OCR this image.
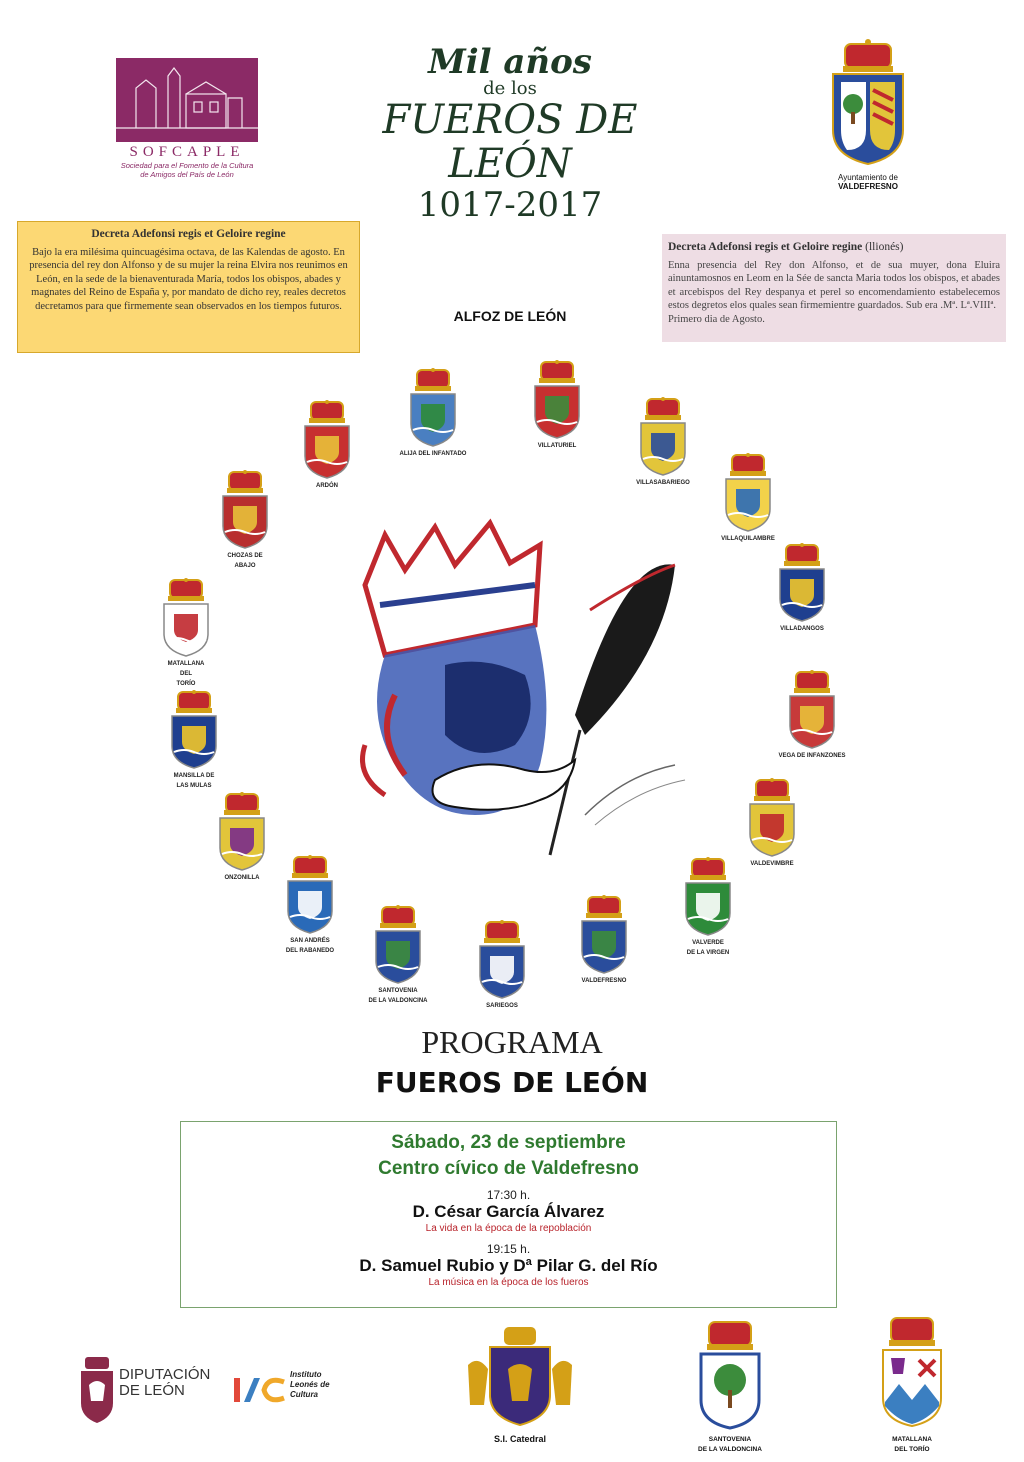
SOFCAPLE
Sociedad para el Fomento de la Cultura
de Amigos del País de León
Mil años
de los
FUEROS DE
LEÓN
1017-2017
Ayuntamiento de
VALDEFRESNO
Decreta Adefonsi regis et Geloire regine
Bajo la era milésima quincuagésima octava, de las Kalendas de agosto. En presencia del rey don Alfonso y de su mujer la reina Elvira nos reunimos en León, en la sede de la bienaventurada María, todos los obispos, abades y magnates del Reino de España y, por mandato de dicho rey, reales decretos decretamos para que firmemente sean observados en los tiempos futuros.
Decreta Adefonsi regis et Geloire regine (llionés)
Enna presencia del Rey don Alfonso, et de sua muyer, dona Eluira ainuntamosnos en Leom en la Sée de sancta Maria todos los obispos, et abades et arcebispos del Rey despanya et perel so encomendamiento estabelecemos estos degretos elos quales sean firmemientre guardados. Sub era .Mª. Lª.VIIIª.
Primero dia de Agosto.
ALFOZ DE LEÓN
ALIJA DEL INFANTADO
VILLATURIEL
VILLASABARIEGO
VILLAQUILAMBRE
VILLADANGOS
VEGA DE INFANZONES
VALDEVIMBRE
VALVERDE
DE LA VIRGEN
VALDEFRESNO
SARIEGOS
SANTOVENIA
DE LA VALDONCINA
SAN ANDRÉS
DEL RABANEDO
ONZONILLA
MANSILLA DE
LAS MULAS
MATALLANA
DEL
TORÍO
CHOZAS DE
ABAJO
ARDÓN
PROGRAMA
FUEROS DE LEÓN
Sábado, 23 de septiembre
Centro cívico de Valdefresno
17:30 h.
D. César García Álvarez
La vida en la época de la repoblación
19:15 h.
D. Samuel Rubio y Dª Pilar G. del Río
La música en la época de los fueros
DIPUTACIÓN
DE LEÓN
Instituto
Leonés de
Cultura
S.I. Catedral	SANTOVENIA
DE LA VALDONCINA
MATALLANA
DEL TORÍO
